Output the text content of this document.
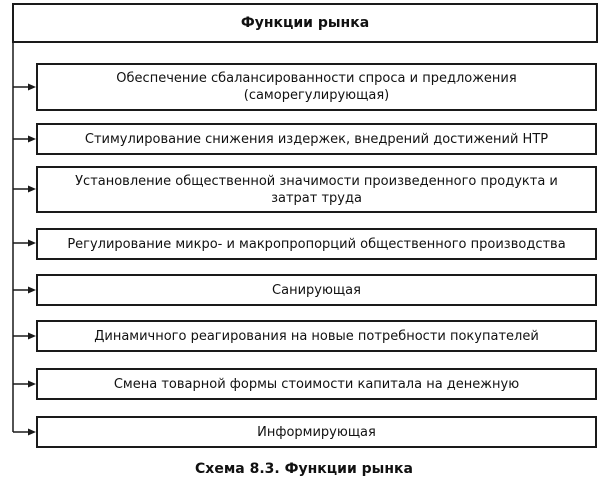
Функции рынка
Обеспечение сбалансированности спроса и предложения (саморегулирующая)
Стимулирование снижения издержек, внедрений достижений НТР
Установление общественной значимости произведенного продукта и затрат труда
Регулирование микро- и макропропорций общественного производства
Санирующая
Динамичного реагирования на новые потребности покупателей
Смена товарной формы стоимости капитала на денежную
Информирующая
Схема 8.3. Функции рынка
